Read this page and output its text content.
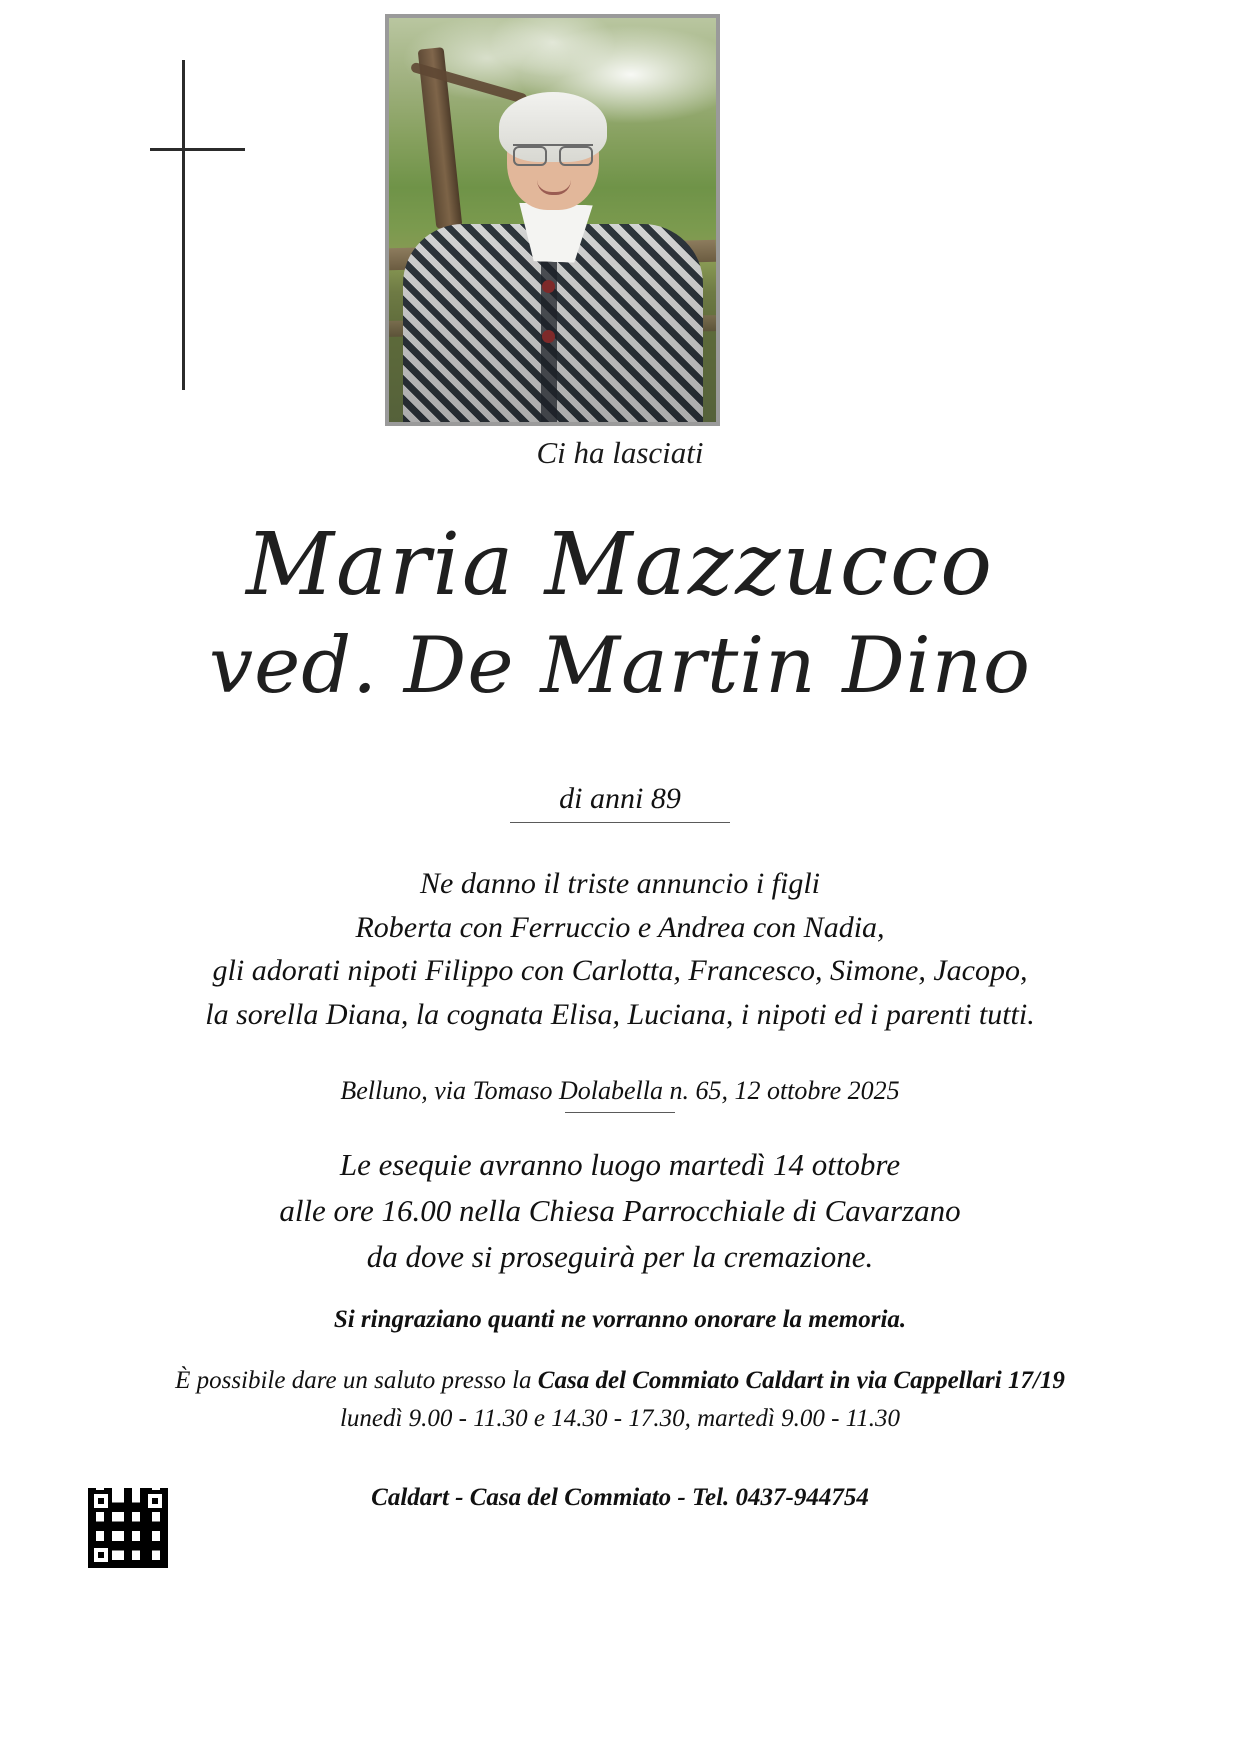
Ci ha lasciati
Maria Mazzucco
ved. De Martin Dino
di anni 89
Ne danno il triste annuncio i figli
Roberta con Ferruccio e Andrea con Nadia,
gli adorati nipoti Filippo con Carlotta, Francesco, Simone, Jacopo,
la sorella Diana, la cognata Elisa, Luciana, i nipoti ed i parenti tutti.
Belluno, via Tomaso Dolabella n. 65, 12 ottobre 2025
Le esequie avranno luogo martedì 14 ottobre
alle ore 16.00 nella Chiesa Parrocchiale di Cavarzano
da dove si proseguirà per la cremazione.
Si ringraziano quanti ne vorranno onorare la memoria.
È possibile dare un saluto presso la Casa del Commiato Caldart in via Cappellari 17/19
lunedì 9.00 - 11.30 e 14.30 - 17.30, martedì 9.00 - 11.30
Caldart - Casa del Commiato - Tel. 0437-944754
